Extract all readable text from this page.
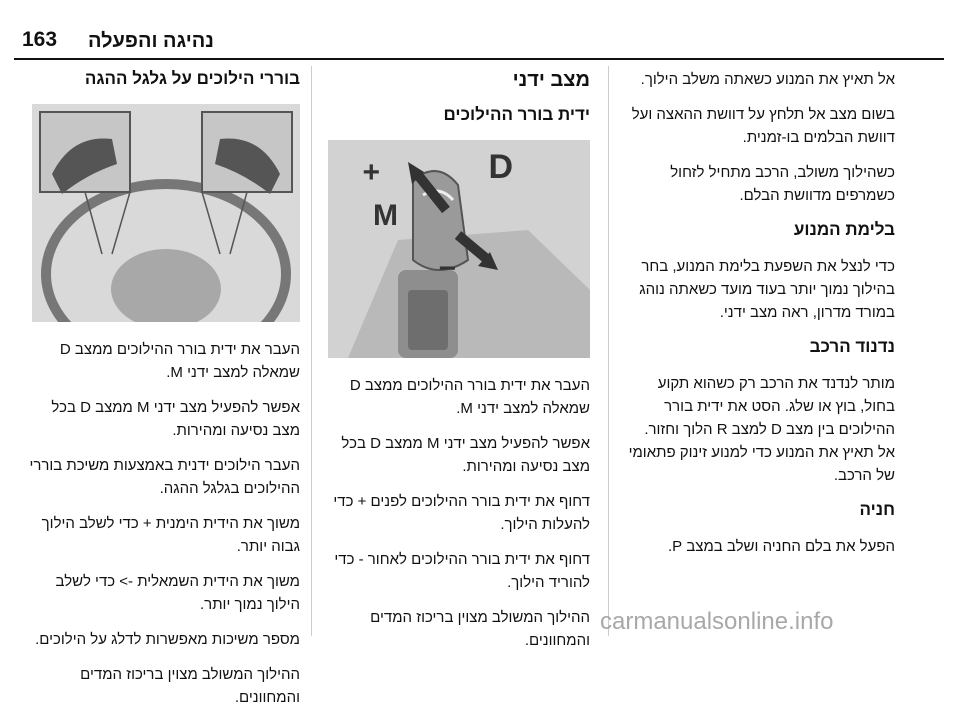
163 נהיגה והפעלה

אל תאיץ את המנוע כשאתה משלב הילוך.

בשום מצב אל תלחץ על דוושת ההאצה ועל דוושת הבלמים בו-זמנית.

כשהילוך משולב, הרכב מתחיל לזחול כשמרפים מדוושת הבלם.

בלימת המנוע

כדי לנצל את השפעת בלימת המנוע, בחר בהילוך נמוך יותר בעוד מועד כשאתה נוהג במורד מדרון, ראה מצב ידני.

נדנוד הרכב

מותר לנדנד את הרכב רק כשהוא תקוע בחול, בוץ או שלג. הסט את ידית בורר ההילוכים בין מצב D למצב R הלוך וחזור. אל תאיץ את המנוע כדי למנוע זינוק פתאומי של הרכב.

חניה

הפעל את בלם החניה ושלב במצב P.

מצב ידני
ידית בורר ההילוכים
D
M
+
−

העבר את ידית בורר ההילוכים ממצב D שמאלה למצב ידני M.

אפשר להפעיל מצב ידני M ממצב D בכל מצב נסיעה ומהירות.

דחוף את ידית בורר ההילוכים לפנים + כדי להעלות הילוך.

דחוף את ידית בורר ההילוכים לאחור - כדי להוריד הילוך.

ההילוך המשולב מצוין בריכוז המדים והמחוונים.

בוררי הילוכים על גלגל ההגה

העבר את ידית בורר ההילוכים ממצב D שמאלה למצב ידני M.

אפשר להפעיל מצב ידני M ממצב D בכל מצב נסיעה ומהירות.

העבר הילוכים ידנית באמצעות משיכת בוררי ההילוכים בגלגל ההגה.

משוך את הידית הימנית + כדי לשלב הילוך גבוה יותר.

משוך את הידית השמאלית -> כדי לשלב הילוך נמוך יותר.

מספר משיכות מאפשרות לדלג על הילוכים.

ההילוך המשולב מצוין בריכוז המדים והמחוונים.

carmanualsonline.info
